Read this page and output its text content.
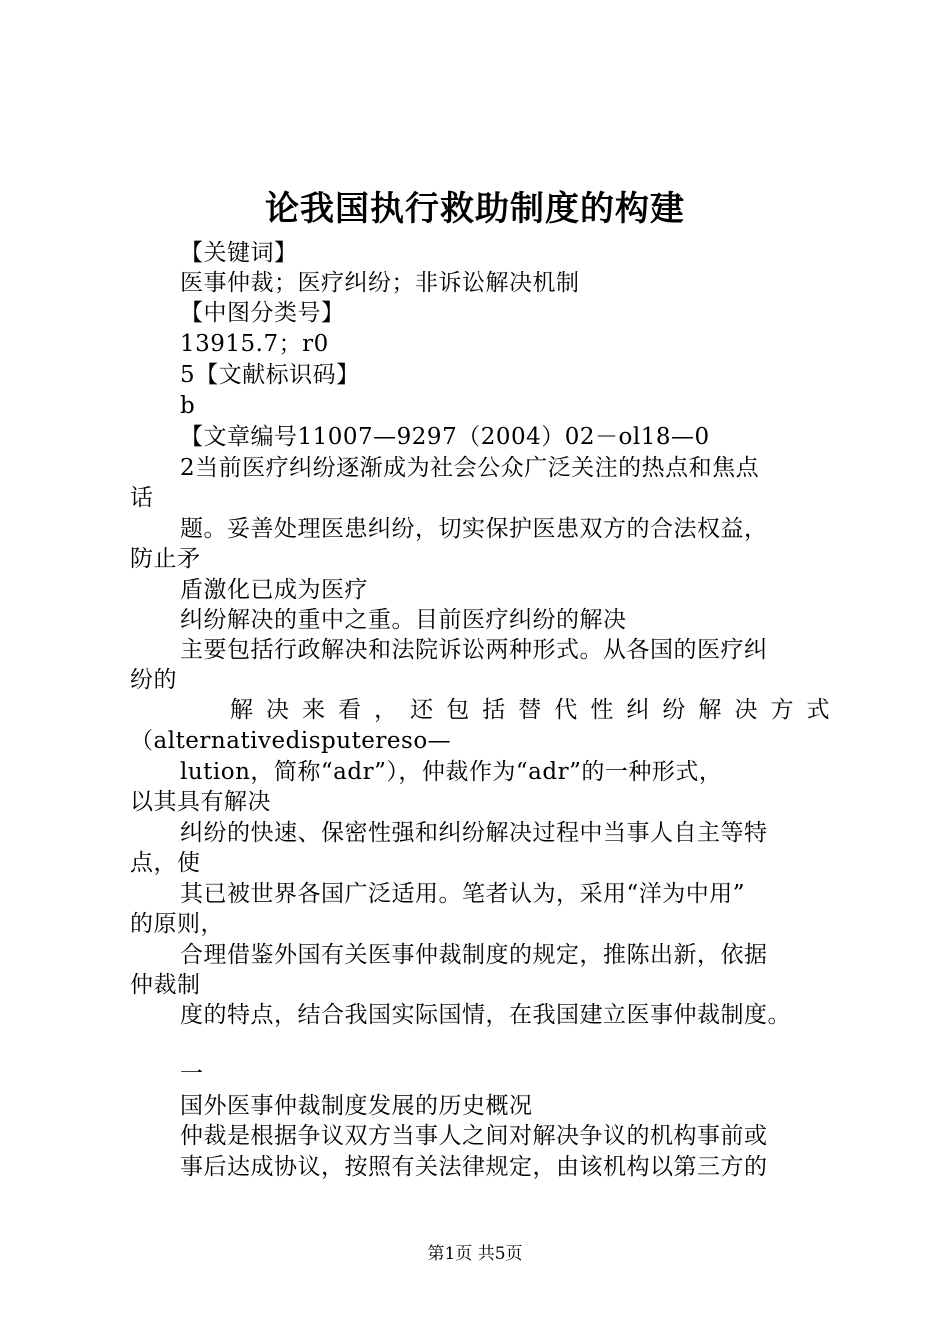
论我国执行救助制度的构建
【关键词】
医事仲裁；医疗纠纷；非诉讼解决机制
【中图分类号】
13915.7；r0
5【文献标识码】
b
【文章编号11007—9297（2004）02－ol18—0
2当前医疗纠纷逐渐成为社会公众广泛关注的热点和焦点
话
题。妥善处理医患纠纷，切实保护医患双方的合法权益，
防止矛
盾激化已成为医疗
纠纷解决的重中之重。目前医疗纠纷的解决
主要包括行政解决和法院诉讼两种形式。从各国的医疗纠
纷的
解决来看，还包括替代性纠纷解决方式
（alternativedisputereso—
lution，简称“adr”），仲裁作为“adr”的一种形式，
以其具有解决
纠纷的快速、保密性强和纠纷解决过程中当事人自主等特
点，使
其已被世界各国广泛适用。笔者认为，采用“洋为中用”
的原则，
合理借鉴外国有关医事仲裁制度的规定，推陈出新，依据
仲裁制
度的特点，结合我国实际国情，在我国建立医事仲裁制度。
一
国外医事仲裁制度发展的历史概况
仲裁是根据争议双方当事人之间对解决争议的机构事前或
事后达成协议，按照有关法律规定，由该机构以第三方的
第1页 共5页
